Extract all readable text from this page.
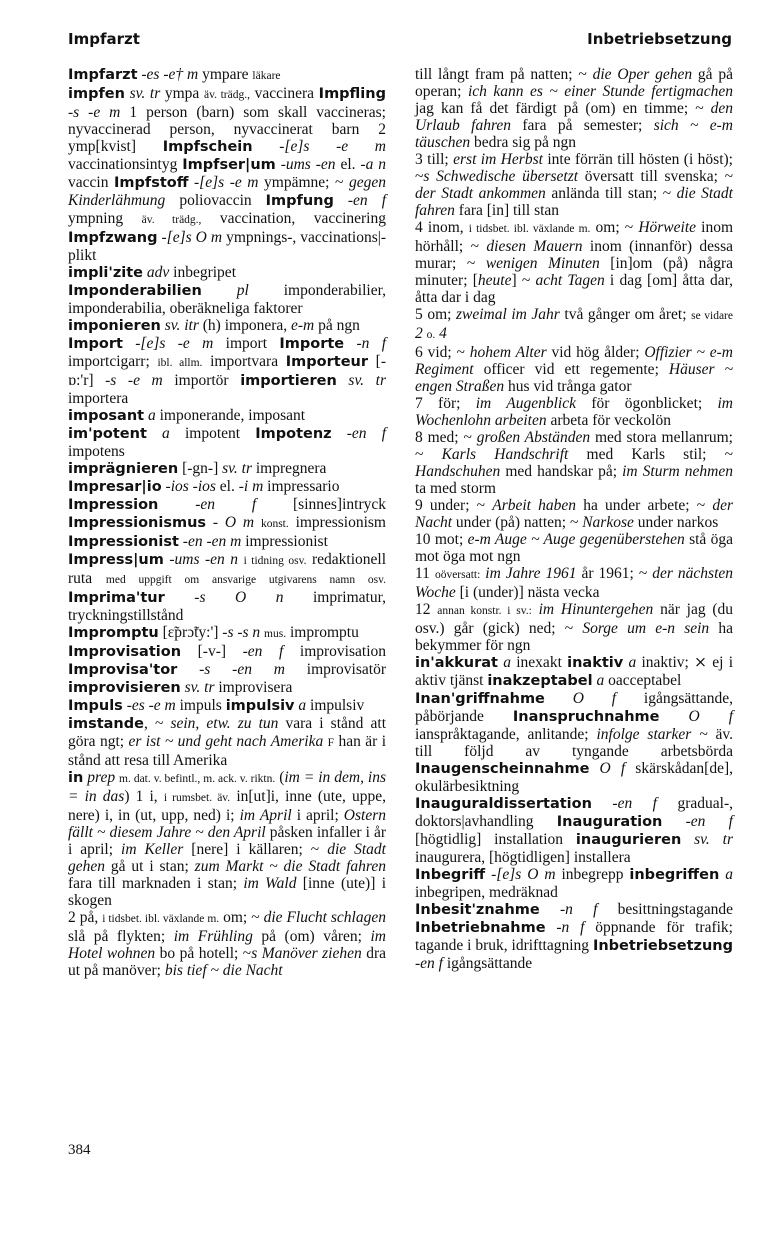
Impfarzt	Inbetriebsetzung

Impfarzt -es -e† m ympare läkare

impfen sv. tr ympa äv. trädg., vaccinera Impfling -s -e m 1 person (barn) som skall vaccineras; nyvaccinerad person, nyvaccinerat barn 2 ymp[kvist] Impfschein -[e]s -e m vaccinationsintyg Impfser|um -ums -en el. -a n vaccin Impfstoff -[e]s -e m ympämne; ~ gegen Kinderlähmung poliovaccin Impfung -en f ympning äv. trädg., vaccination, vaccinering Impfzwang -[e]s O m ympnings-, vaccinations|-plikt

impli'zite adv inbegripet

Imponderabilien pl imponderabilier, imponderabilia, oberäkneliga faktorer

imponieren sv. itr (h) imponera, e-m på ngn

Import -[e]s -e m import Importe -n f importcigarr; ibl. allm. importvara Importeur [-ɒ:'r] -s -e m importör importieren sv. tr importera

imposant a imponerande, imposant

im'potent a impotent Impotenz -en f impotens

imprägnieren [-gn-] sv. tr impregnera

Impresar|io -ios -ios el. -i m impressario

Impression -en f [sinnes]intryck Impressionismus - O m konst. impressionism Impressionist -en -en m impressionist

Impress|um -ums -en n i tidning osv. redaktionell ruta med uppgift om ansvarige utgivarens namn osv. Imprima'tur -s O n imprimatur, tryckningstillstånd

Impromptu [ɛ̃prɔ̃ty:'] -s -s n mus. impromptu

Improvisation [-v-] -en f improvisation Improvisa'tor -s -en m improvisatör improvisieren sv. tr improvisera

Impuls -es -e m impuls impulsiv a impulsiv

imstande, ~ sein, etw. zu tun vara i stånd att göra ngt; er ist ~ und geht nach Amerika F han är i stånd att resa till Amerika

in prep m. dat. v. befintl., m. ack. v. riktn. (im = in dem, ins = in das) 1 i, i rumsbet. äv. in[ut]i, inne (ute, uppe, nere) i, in (ut, upp, ned) i; im April i april; Ostern fällt ~ diesem Jahre ~ den April påsken infaller i år i april; im Keller [nere] i källaren; ~ die Stadt gehen gå ut i stan; zum Markt ~ die Stadt fahren fara till marknaden i stan; im Wald [inne (ute)] i skogen

2 på, i tidsbet. ibl. växlande m. om; ~ die Flucht schlagen slå på flykten; im Frühling på (om) våren; im Hotel wohnen bo på hotell; ~s Manöver ziehen dra ut på manöver; bis tief ~ die Nacht

till långt fram på natten; ~ die Oper gehen gå på operan; ich kann es ~ einer Stunde fertigmachen jag kan få det färdigt på (om) en timme; ~ den Urlaub fahren fara på semester; sich ~ e-m täuschen bedra sig på ngn

3 till; erst im Herbst inte förrän till hösten (i höst); ~s Schwedische übersetzt översatt till svenska; ~ der Stadt ankommen anlända till stan; ~ die Stadt fahren fara [in] till stan

4 inom, i tidsbet. ibl. växlande m. om; ~ Hörweite inom hörhåll; ~ diesen Mauern inom (innanför) dessa murar; ~ wenigen Minuten [in]om (på) några minuter; [heute] ~ acht Tagen i dag [om] åtta dar, åtta dar i dag

5 om; zweimal im Jahr två gånger om året; se vidare 2 o. 4

6 vid; ~ hohem Alter vid hög ålder; Offizier ~ e-m Regiment officer vid ett regemente; Häuser ~ engen Straßen hus vid trånga gator

7 för; im Augenblick för ögonblicket; im Wochenlohn arbeiten arbeta för veckolön

8 med; ~ großen Abständen med stora mellanrum; ~ Karls Handschrift med Karls stil; ~ Handschuhen med handskar på; im Sturm nehmen ta med storm

9 under; ~ Arbeit haben ha under arbete; ~ der Nacht under (på) natten; ~ Narkose under narkos

10 mot; e-m Auge ~ Auge gegenüberstehen stå öga mot öga mot ngn

11 oöversatt: im Jahre 1961 år 1961; ~ der nächsten Woche [i (under)] nästa vecka

12 annan konstr. i sv.: im Hinuntergehen när jag (du osv.) går (gick) ned; ~ Sorge um e-n sein ha bekymmer för ngn

in'akkurat a inexakt inaktiv a inaktiv; ⨯ ej i aktiv tjänst inakzeptabel a oacceptabel

Inan'griffnahme O f igångsättande, påbörjande Inanspruchnahme O f ianspråktagande, anlitande; infolge starker ~ äv. till följd av tyngande arbetsbörda Inaugenscheinnahme O f skärskådan[de], okulärbesiktning

Inauguraldissertation -en f gradual-, doktors|avhandling Inauguration -en f [högtidlig] installation inaugurieren sv. tr inaugurera, [högtidligen] installera

Inbegriff -[e]s O m inbegrepp inbegriffen a inbegripen, medräknad

Inbesit'znahme -n f besittningstagande Inbetriebnahme -n f öppnande för trafik; tagande i bruk, idrifttagning Inbetriebsetzung -en f igångsättande

384
